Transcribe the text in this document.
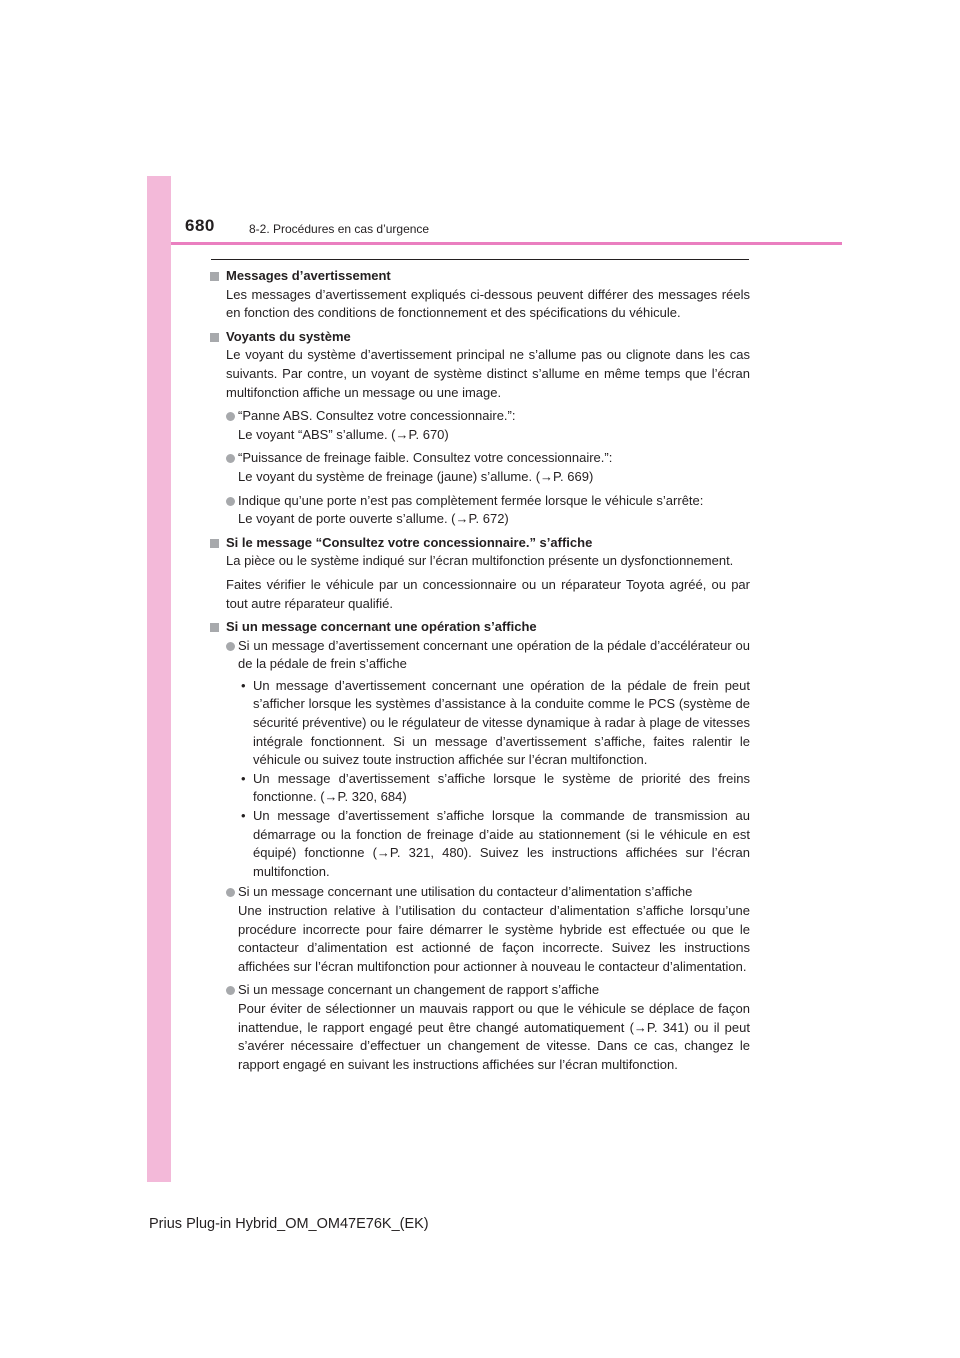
680	8-2. Procédures en cas d’urgence
Messages d’avertissement
Les messages d’avertissement expliqués ci-dessous peuvent différer des messages réels en fonction des conditions de fonctionnement et des spécifications du véhicule.
Voyants du système
Le voyant du système d’avertissement principal ne s’allume pas ou clignote dans les cas suivants. Par contre, un voyant de système distinct s’allume en même temps que l’écran multifonction affiche un message ou une image.
“Panne ABS. Consultez votre concessionnaire.”:
Le voyant “ABS” s’allume. (→P. 670)
“Puissance de freinage faible. Consultez votre concessionnaire.”:
Le voyant du système de freinage (jaune) s’allume. (→P. 669)
Indique qu’une porte n’est pas complètement fermée lorsque le véhicule s’arrête:
Le voyant de porte ouverte s’allume. (→P. 672)
Si le message “Consultez votre concessionnaire.” s’affiche
La pièce ou le système indiqué sur l’écran multifonction présente un dysfonctionnement.
Faites vérifier le véhicule par un concessionnaire ou un réparateur Toyota agréé, ou par tout autre réparateur qualifié.
Si un message concernant une opération s’affiche
Si un message d’avertissement concernant une opération de la pédale d’accélérateur ou de la pédale de frein s’affiche
• Un message d’avertissement concernant une opération de la pédale de frein peut s’afficher lorsque les systèmes d’assistance à la conduite comme le PCS (système de sécurité préventive) ou le régulateur de vitesse dynamique à radar à plage de vitesses intégrale fonctionnent. Si un message d’avertissement s’affiche, faites ralentir le véhicule ou suivez toute instruction affichée sur l’écran multifonction.
• Un message d’avertissement s’affiche lorsque le système de priorité des freins fonctionne. (→P. 320, 684)
• Un message d’avertissement s’affiche lorsque la commande de transmission au démarrage ou la fonction de freinage d’aide au stationnement (si le véhicule en est équipé) fonctionne (→P. 321, 480). Suivez les instructions affichées sur l’écran multifonction.
Si un message concernant une utilisation du contacteur d’alimentation s’affiche
Une instruction relative à l’utilisation du contacteur d’alimentation s’affiche lorsqu’une procédure incorrecte pour faire démarrer le système hybride est effectuée ou que le contacteur d’alimentation est actionné de façon incorrecte. Suivez les instructions affichées sur l’écran multifonction pour actionner à nouveau le contacteur d’alimentation.
Si un message concernant un changement de rapport s’affiche
Pour éviter de sélectionner un mauvais rapport ou que le véhicule se déplace de façon inattendue, le rapport engagé peut être changé automatiquement (→P. 341) ou il peut s’avérer nécessaire d’effectuer un changement de vitesse. Dans ce cas, changez le rapport engagé en suivant les instructions affichées sur l’écran multifonction.
Prius Plug-in Hybrid_OM_OM47E76K_(EK)
